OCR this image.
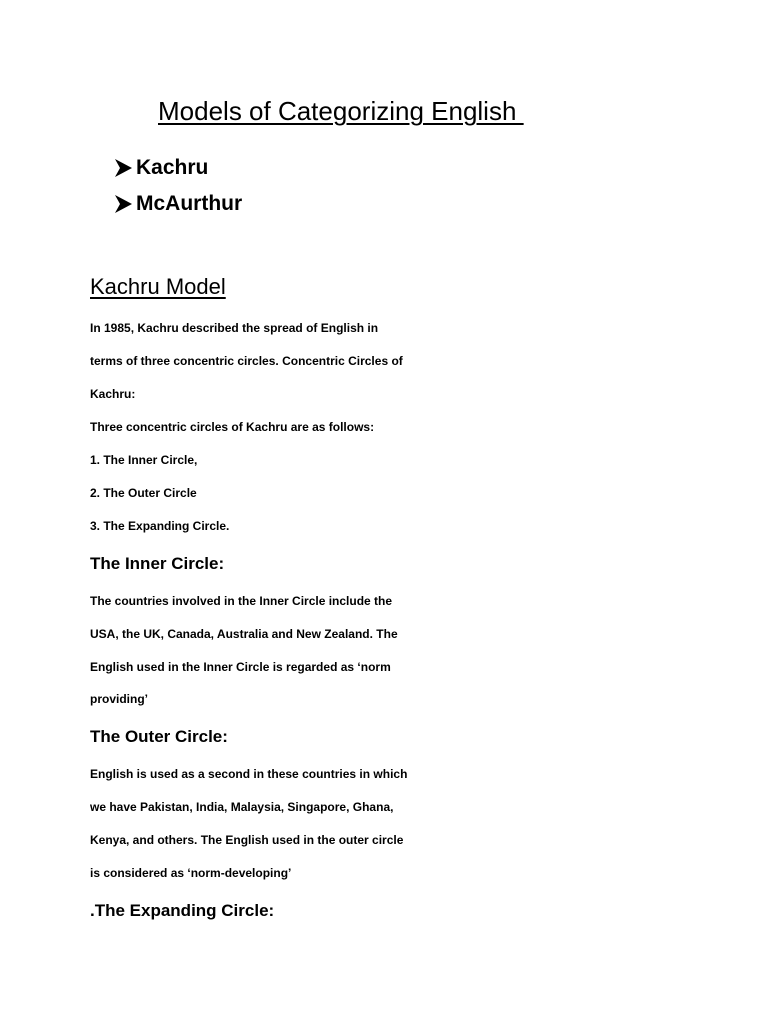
Models of Categorizing English
Kachru
McAurthur
Kachru Model

In 1985, Kachru described the spread of English in

terms of three concentric circles. Concentric Circles of

Kachru:

Three concentric circles of Kachru are as follows:

1. The Inner Circle,

2. The Outer Circle

3. The Expanding Circle.

The Inner Circle:

The countries involved in the Inner Circle include the

USA, the UK, Canada, Australia and New Zealand. The

English used in the Inner Circle is regarded as ‘norm

providing’

The Outer Circle:

English is used as a second in these countries in which

we have Pakistan, India, Malaysia, Singapore, Ghana,

Kenya, and others. The English used in the outer circle

is considered as ‘norm-developing’

.The Expanding Circle:
